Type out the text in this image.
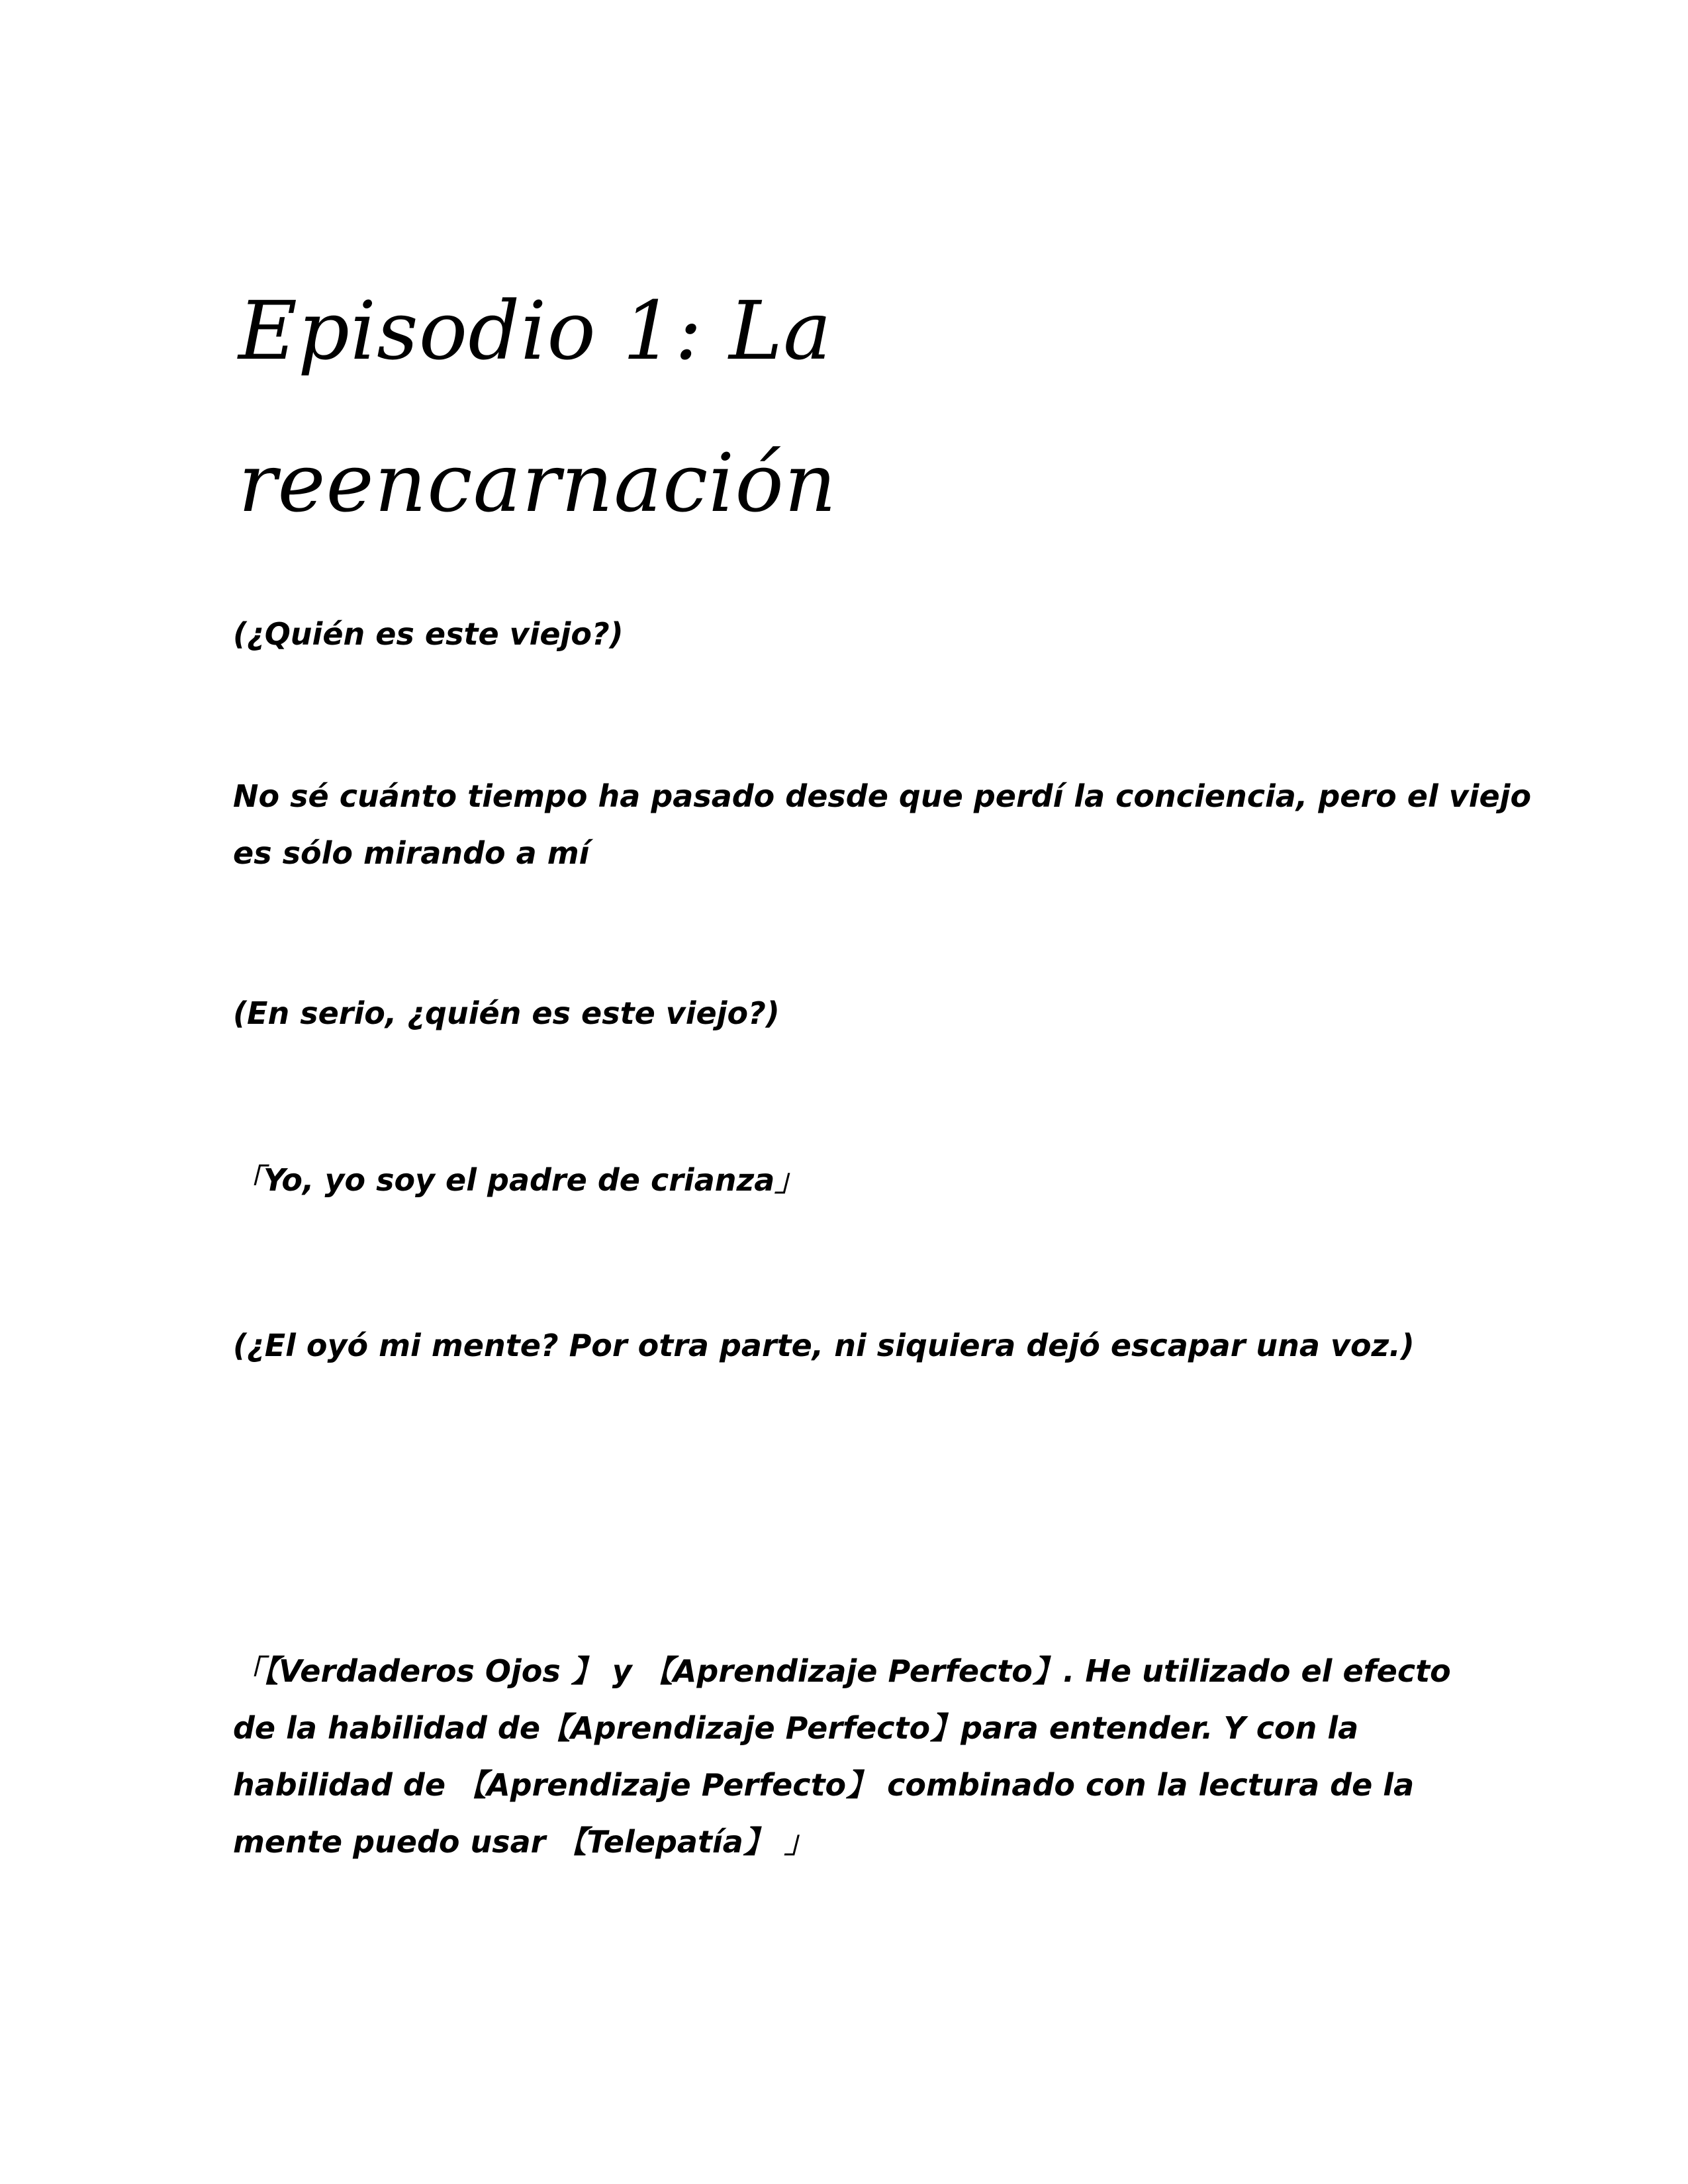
Episodio 1: La
reencarnación

(¿Quién es este viejo?)

No sé cuánto tiempo ha pasado desde que perdí la conciencia, pero el viejo
es sólo mirando a mí

(En serio, ¿quién es este viejo?)

「Yo, yo soy el padre de crianza」

(¿El oyó mi mente? Por otra parte, ni siquiera dejó escapar una voz.)

「【Verdaderos Ojos 】 y 【Aprendizaje Perfecto】. He utilizado el efecto
de la habilidad de【Aprendizaje Perfecto】para entender. Y con la
habilidad de 【Aprendizaje Perfecto】 combinado con la lectura de la
mente puedo usar 【Telepatía】 」
